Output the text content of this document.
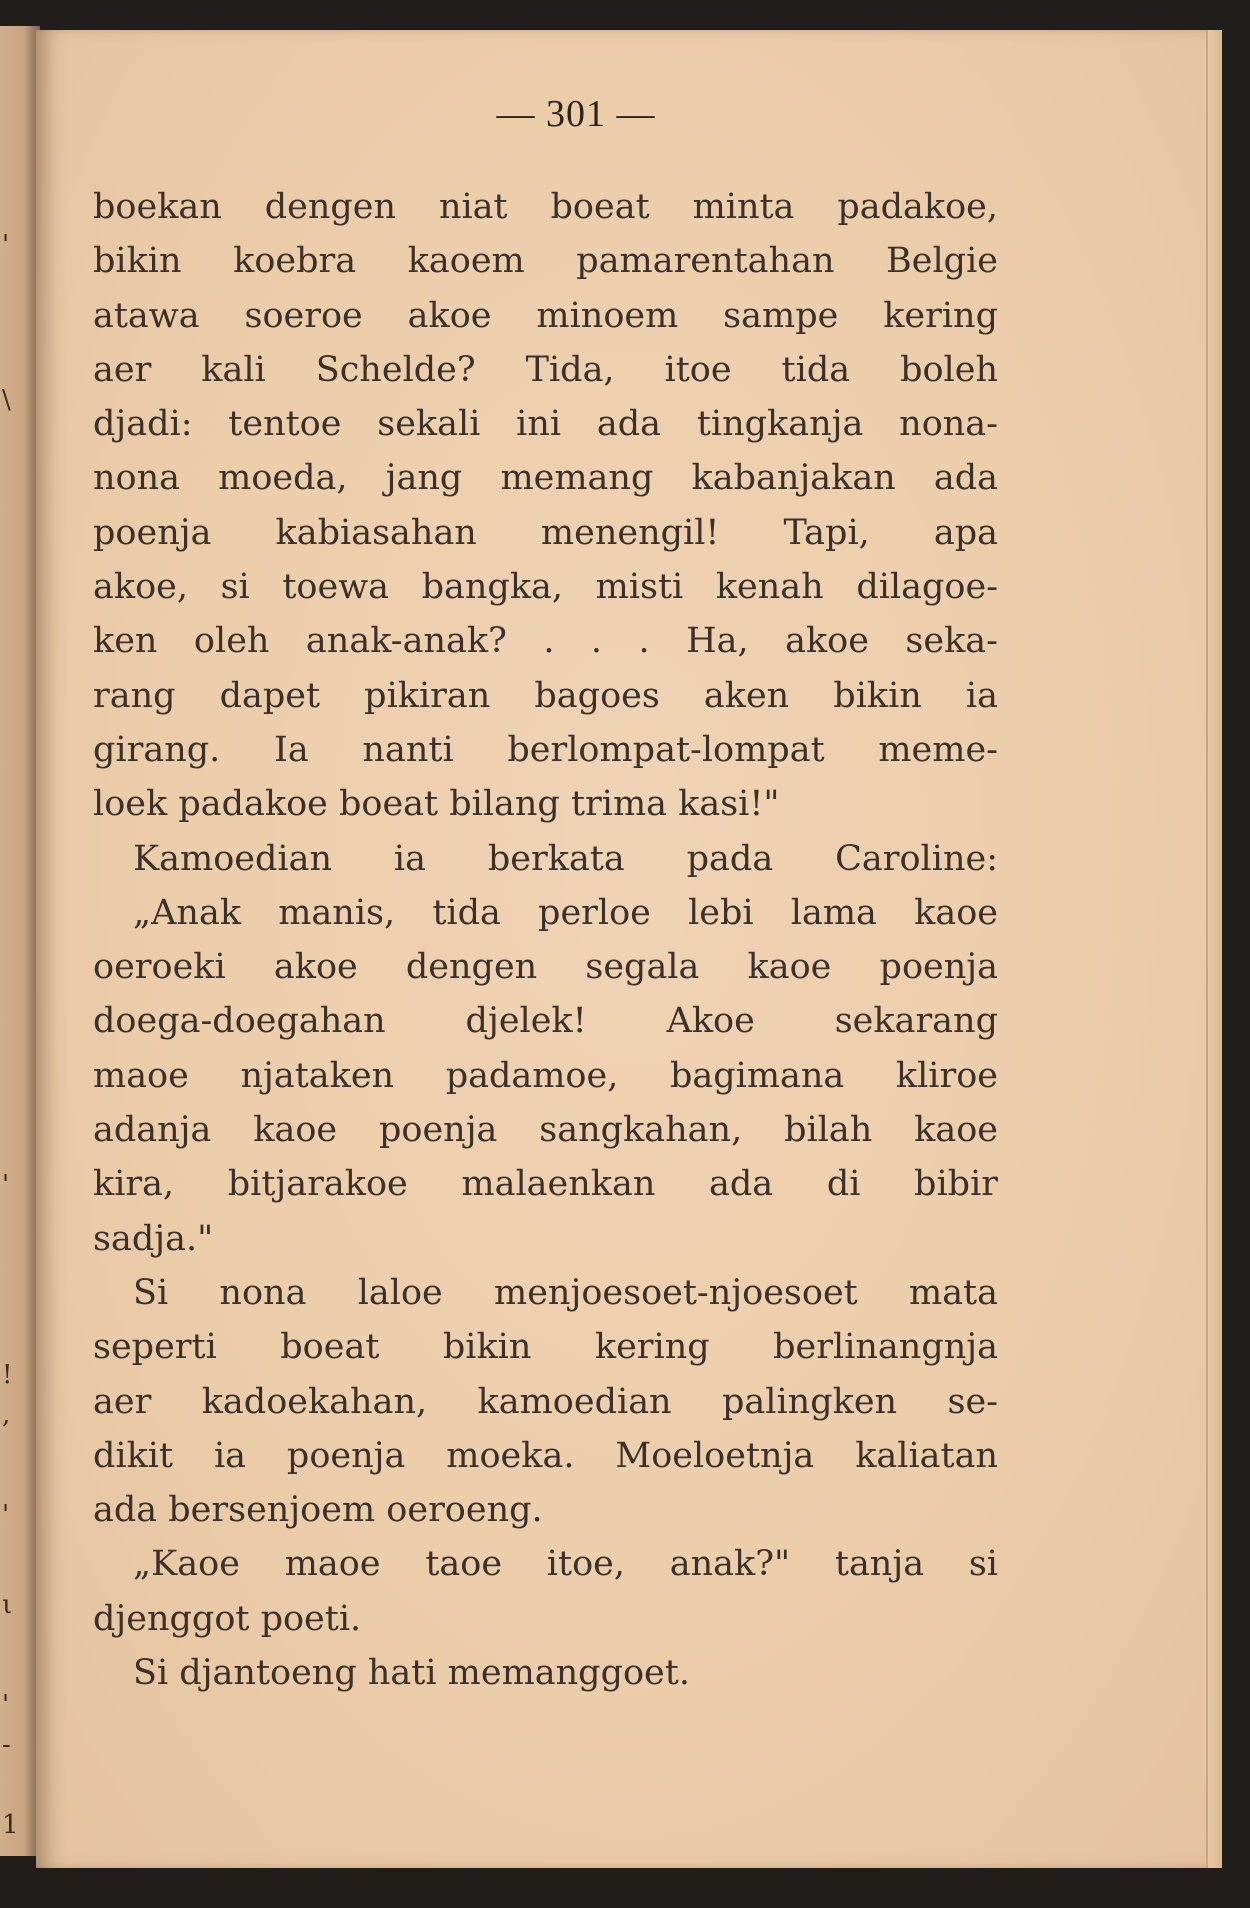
'
\
'
!
,
'
ι
'
-
1
— 301 —
boekan dengen niat boeat minta padakoe,
bikin koebra kaoem pamarentahan Belgie
atawa soeroe akoe minoem sampe kering
aer kali Schelde? Tida, itoe tida boleh
djadi: tentoe sekali ini ada tingkanja nona-
nona moeda, jang memang kabanjakan ada
poenja kabiasahan menengil! Tapi, apa
akoe, si toewa bangka, misti kenah dilagoe-
ken oleh anak-anak? . . . Ha, akoe seka-
rang dapet pikiran bagoes aken bikin ia
girang. Ia nanti berlompat-lompat meme-
loek padakoe boeat bilang trima kasi!"
Kamoedian ia berkata pada Caroline:
„Anak manis, tida perloe lebi lama kaoe
oeroeki akoe dengen segala kaoe poenja
doega-doegahan djelek! Akoe sekarang
maoe njataken padamoe, bagimana kliroe
adanja kaoe poenja sangkahan, bilah kaoe
kira, bitjarakoe malaenkan ada di bibir
sadja."
Si nona laloe menjoesoet-njoesoet mata
seperti boeat bikin kering berlinangnja
aer kadoekahan, kamoedian palingken se-
dikit ia poenja moeka. Moeloetnja kaliatan
ada bersenjoem oeroeng.
„Kaoe maoe taoe itoe, anak?" tanja si
djenggot poeti.
Si djantoeng hati memanggoet.
